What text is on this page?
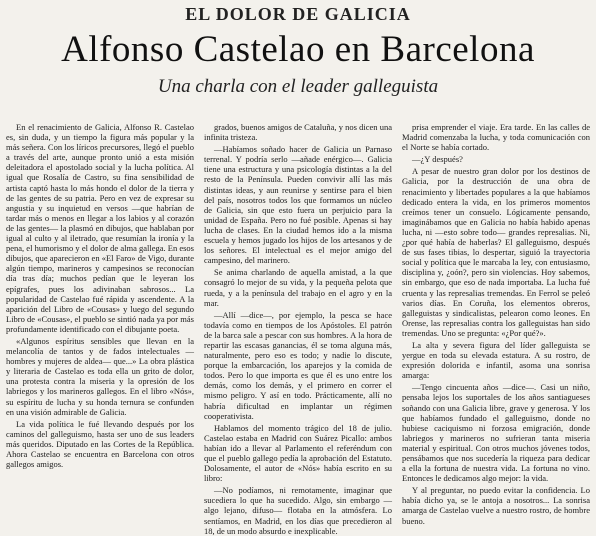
EL DOLOR DE GALICIA
Alfonso Castelao en Barcelona
Una charla con el leader galleguista

En el renacimiento de Galicia, Alfonso R. Castelao es, sin duda, y un tiempo la figura más popular y la más señera. Con los líricos precursores, llegó el pueblo a través del arte, aunque pronto unió a esta misión deleitadora el apostolado social y la lucha política. Al igual que Rosalía de Castro, su fina sensibilidad de artista captó hasta lo más hondo el dolor de la tierra y de las gentes de su patria. Pero en vez de expresar su angustia y su inquietud en versos —que habrían de tardar más o menos en llegar a los labios y al corazón de las gentes— la plasmó en dibujos, que hablaban por igual al culto y al iletrado, que resumían la ironía y la pena, el humorismo y el dolor de alma gallega. En esos dibujos, que aparecieron en «El Faro» de Vigo, durante algún tiempo, marineros y campesinos se reconocían día tras día; muchos pedían que le leyeran los epígrafes, pues los adivinaban sabrosos... La popularidad de Castelao fué rápida y ascendente. A la aparición del Libro de «Cousas» y luego del segundo Libro de «Cousas», el pueblo se sintió nada ya por más profundamente identificado con el dibujante poeta.

«Algunos espíritus sensibles que llevan en la melancolía de tantos y de fados intelectuales —hombres y mujeres de aldea— que...» La obra plástica y literaria de Castelao es toda ella un grito de dolor, una protesta contra la miseria y la opresión de los labriegos y los marineros gallegos. En el libro «Nós», su espíritu de lucha y su honda ternura se confunden en una visión admirable de Galicia.

La vida política le fué llevando después por los caminos del galleguismo, hasta ser uno de sus leaders más queridos. Diputado en las Cortes de la República. Ahora Castelao se encuentra en Barcelona con otros gallegos amigos.

grados, buenos amigos de Cataluña, y nos dicen una infinita tristeza.

—Habíamos soñado hacer de Galicia un Parnaso terrenal. Y podría serlo —añade enérgico—. Galicia tiene una estructura y una psicología distintas a la del resto de la Península. Pueden convivir allí las más distintas ideas, y aun reunirse y sentirse para el bien del país, nosotros todos los que formamos un núcleo de Galicia, sin que esto fuera un perjuicio para la unidad de España. Pero no fué posible. Apenas si hay lucha de clases. En la ciudad hemos ido a la misma escuela y hemos jugado los hijos de los artesanos y de los señores. El intelectual es el mejor amigo del campesino, del marinero.

Se anima charlando de aquella amistad, a la que consagró lo mejor de su vida, y la pequeña pelota que rueda, y a la península del trabajo en el agro y en la mar.

—Allí —dice—, por ejemplo, la pesca se hace todavía como en tiempos de los Apóstoles. El patrón de la barca sale a pescar con sus hombres. A la hora de repartir las escasas ganancias, él se toma alguna más, naturalmente, pero eso es todo; y nadie lo discute, porque la embarcación, los aparejos y la comida de todos. Pero lo que importa es que él es uno entre los demás, como los demás, y el primero en correr el mismo peligro. Y así en todo. Prácticamente, allí no habría dificultad en implantar un régimen cooperativista.

Hablamos del momento trágico del 18 de julio. Castelao estaba en Madrid con Suárez Picallo: ambos habían ido a llevar al Parlamento el referéndum con que el pueblo gallego pedía la aprobación del Estatuto. Dolosamente, el autor de «Nós» había escrito en su libro:

—No podíamos, ni remotamente, imaginar que sucediera lo que ha sucedido. Algo, sin embargo —algo lejano, difuso— flotaba en la atmósfera. Lo sentíamos, en Madrid, en los días que precedieron al 18, de un modo absurdo e inexplicable.

prisa emprender el viaje. Era tarde. En las calles de Madrid comenzaba la lucha, y toda comunicación con el Norte se había cortado.

—¿Y después?

A pesar de nuestro gran dolor por los destinos de Galicia, por la destrucción de una obra de renacimiento y libertades populares a la que habíamos dedicado entera la vida, en los primeros momentos creímos tener un consuelo. Lógicamente pensando, imaginábamos que en Galicia no había habido apenas lucha, ni —esto sobre todo— grandes represalias. Ni, ¿por qué había de haberlas? El galleguismo, después de sus fases tibias, lo despertar, siguió la trayectoria social y política que le marcaba la ley, con entusiasmo, disciplina y, ¿oón?, pero sin violencias. Hoy sabemos, sin embargo, que eso de nada importaba. La lucha fué cruenta y las represalias tremendas. En Ferrol se peleó varios días. En Coruña, los elementos obreros, galleguistas y sindicalistas, pelearon como leones. En Orense, las represalias contra los galleguistas han sido tremendas. Uno se pregunta: «¿Por qué?».

La alta y severa figura del líder galleguista se yergue en toda su elevada estatura. A su rostro, de expresión dolorida e infantil, asoma una sonrisa amarga:

—Tengo cincuenta años —dice—. Casi un niño, pensaba lejos los suportales de los años santiagueses soñando con una Galicia libre, grave y generosa. Y los que habíamos fundado el galleguismo, donde no hubiese caciquismo ni forzosa emigración, donde labriegos y marineros no sufrieran tanta miseria material y espiritual. Con otros muchos jóvenes todos, pensábamos que nos sucedería la riqueza para dedicar a ella la fortuna de nuestra vida. La fortuna no vino. Entonces le dedicamos algo mejor: la vida.

Y al preguntar, no puedo evitar la confidencia. Lo había dicho ya, se le antoja a nosotros... La sonrisa amarga de Castelao vuelve a nuestro rostro, de hombre bueno.
